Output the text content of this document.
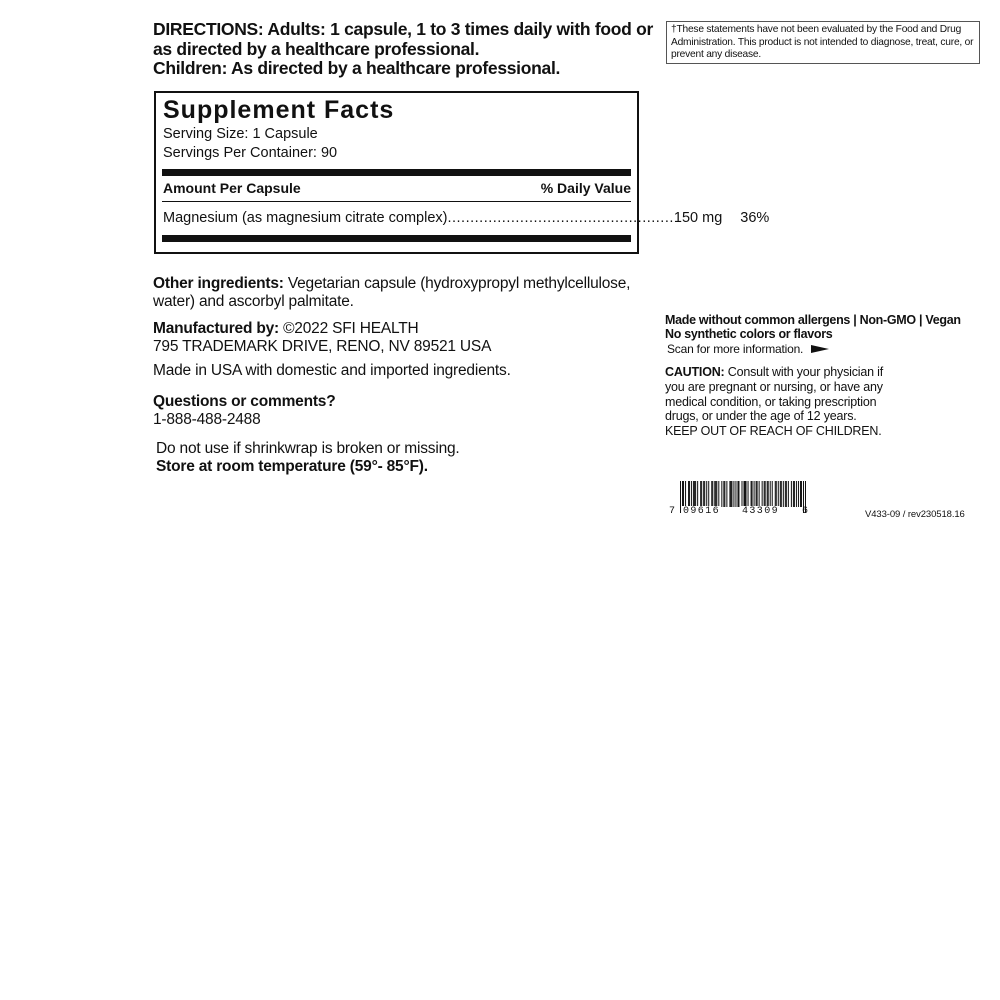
DIRECTIONS: Adults: 1 capsule, 1 to 3 times daily with food or
as directed by a healthcare professional.
Children: As directed by a healthcare professional.
Supplement Facts
Serving Size: 1 Capsule
Servings Per Container: 90
Amount Per Capsule	% Daily Value
Magnesium (as magnesium citrate complex) .................................................. 150 mg 36%
Other ingredients: Vegetarian capsule (hydroxypropyl methylcellulose, water) and ascorbyl palmitate.
Manufactured by: ©2022 SFI HEALTH
795 TRADEMARK DRIVE, RENO, NV 89521 USA
Made in USA with domestic and imported ingredients.
Questions or comments?
1-888-488-2488
Do not use if shrinkwrap is broken or missing.
Store at room temperature (59°- 85°F).
†These statements have not been evaluated by the Food and Drug Administration. This product is not intended to diagnose, treat, cure, or prevent any disease.
Made without common allergens | Non-GMO | Vegan
No synthetic colors or flavors
Scan for more information.
CAUTION: Consult with your physician if you are pregnant or nursing, or have any medical condition, or taking prescription drugs, or under the age of 12 years.
KEEP OUT OF REACH OF CHILDREN.
7 09616 43309 6	V433-09 / rev230518.16
